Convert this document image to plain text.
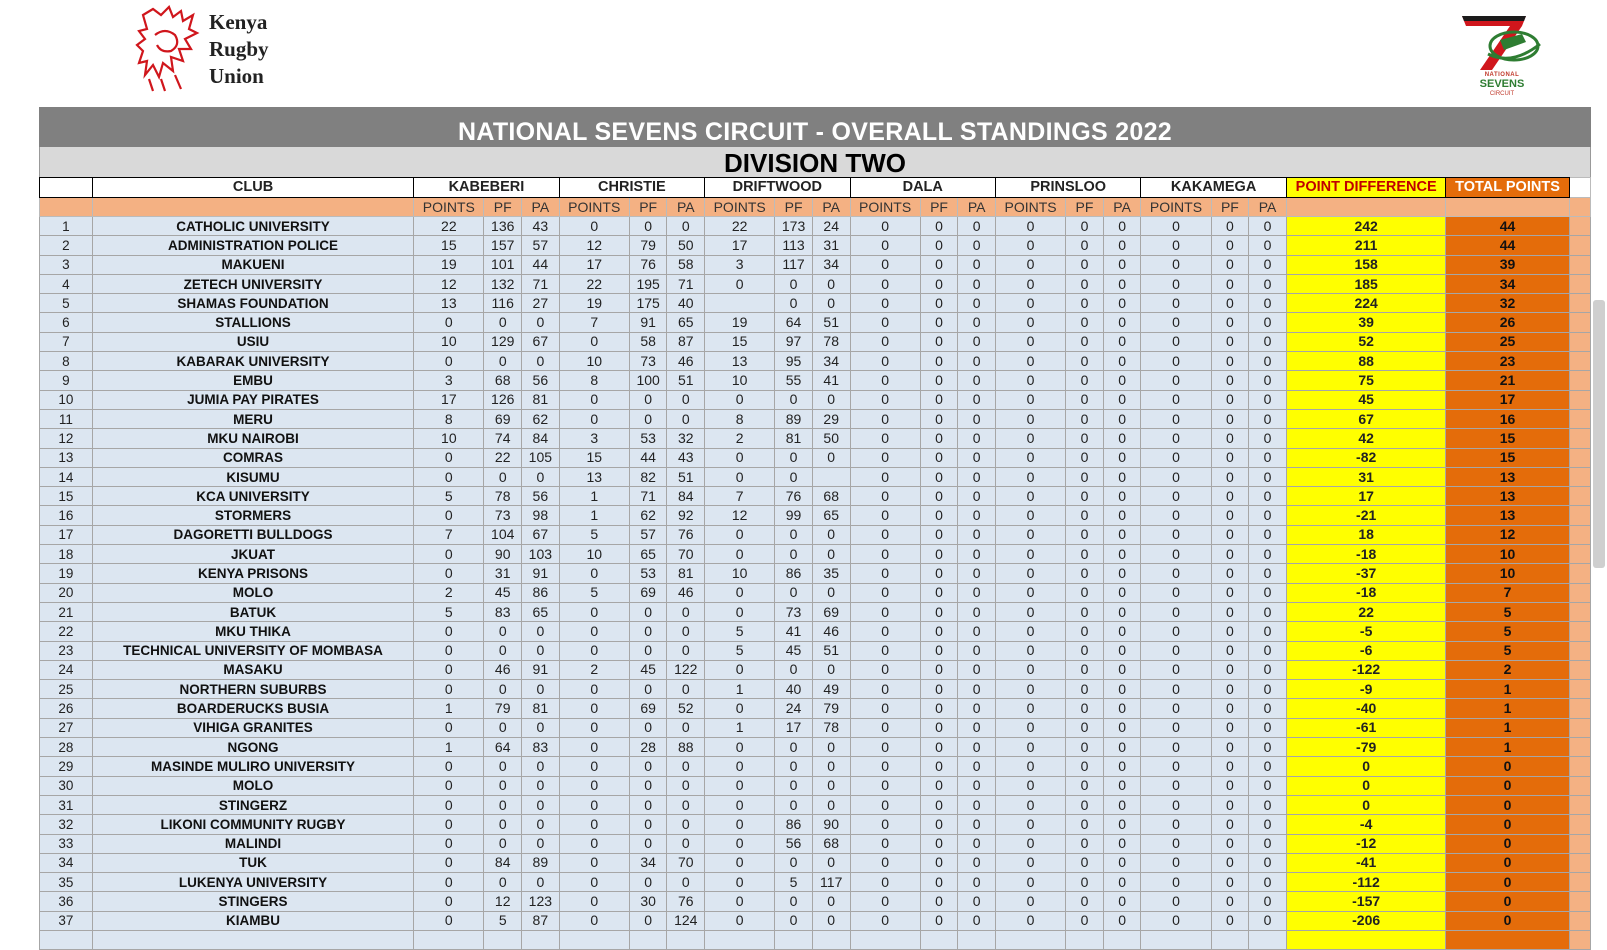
Kenya
Rugby
Union	NATIONAL
SEVENS
CIRCUIT
NATIONAL SEVENS CIRCUIT - OVERALL STANDINGS 2022
DIVISION TWO
	CLUB	KABEBERI			CHRISTIE			DRIFTWOOD			DALA			PRINSLOO			KAKAMEGA			POINT DIFFERENCE	TOTAL POINTS	
		POINTS	PF	PA	POINTS	PF	PA	POINTS	PF	PA	POINTS	PF	PA	POINTS	PF	PA	POINTS	PF	PA			
1	CATHOLIC UNIVERSITY	22	136	43	0	0	0	22	173	24	0	0	0	0	0	0	0	0	0	242	44	
2	ADMINISTRATION POLICE	15	157	57	12	79	50	17	113	31	0	0	0	0	0	0	0	0	0	211	44	
3	MAKUENI	19	101	44	17	76	58	3	117	34	0	0	0	0	0	0	0	0	0	158	39	
4	ZETECH UNIVERSITY	12	132	71	22	195	71	0	0	0	0	0	0	0	0	0	0	0	0	185	34	
5	SHAMAS FOUNDATION	13	116	27	19	175	40		0	0	0	0	0	0	0	0	0	0	0	224	32	
6	STALLIONS	0	0	0	7	91	65	19	64	51	0	0	0	0	0	0	0	0	0	39	26	
7	USIU	10	129	67	0	58	87	15	97	78	0	0	0	0	0	0	0	0	0	52	25	
8	KABARAK UNIVERSITY	0	0	0	10	73	46	13	95	34	0	0	0	0	0	0	0	0	0	88	23	
9	EMBU	3	68	56	8	100	51	10	55	41	0	0	0	0	0	0	0	0	0	75	21	
10	JUMIA PAY PIRATES	17	126	81	0	0	0	0	0	0	0	0	0	0	0	0	0	0	0	45	17	
11	MERU	8	69	62	0	0	0	8	89	29	0	0	0	0	0	0	0	0	0	67	16	
12	MKU NAIROBI	10	74	84	3	53	32	2	81	50	0	0	0	0	0	0	0	0	0	42	15	
13	COMRAS	0	22	105	15	44	43	0	0	0	0	0	0	0	0	0	0	0	0	-82	15	
14	KISUMU	0	0	0	13	82	51	0	0		0	0	0	0	0	0	0	0	0	31	13	
15	KCA UNIVERSITY	5	78	56	1	71	84	7	76	68	0	0	0	0	0	0	0	0	0	17	13	
16	STORMERS	0	73	98	1	62	92	12	99	65	0	0	0	0	0	0	0	0	0	-21	13	
17	DAGORETTI BULLDOGS	7	104	67	5	57	76	0	0	0	0	0	0	0	0	0	0	0	0	18	12	
18	JKUAT	0	90	103	10	65	70	0	0	0	0	0	0	0	0	0	0	0	0	-18	10	
19	KENYA PRISONS	0	31	91	0	53	81	10	86	35	0	0	0	0	0	0	0	0	0	-37	10	
20	MOLO	2	45	86	5	69	46	0	0	0	0	0	0	0	0	0	0	0	0	-18	7	
21	BATUK	5	83	65	0	0	0	0	73	69	0	0	0	0	0	0	0	0	0	22	5	
22	MKU THIKA	0	0	0	0	0	0	5	41	46	0	0	0	0	0	0	0	0	0	-5	5	
23	TECHNICAL UNIVERSITY OF MOMBASA	0	0	0	0	0	0	5	45	51	0	0	0	0	0	0	0	0	0	-6	5	
24	MASAKU	0	46	91	2	45	122	0	0	0	0	0	0	0	0	0	0	0	0	-122	2	
25	NORTHERN SUBURBS	0	0	0	0	0	0	1	40	49	0	0	0	0	0	0	0	0	0	-9	1	
26	BOARDERUCKS BUSIA	1	79	81	0	69	52	0	24	79	0	0	0	0	0	0	0	0	0	-40	1	
27	VIHIGA GRANITES	0	0	0	0	0	0	1	17	78	0	0	0	0	0	0	0	0	0	-61	1	
28	NGONG	1	64	83	0	28	88	0	0	0	0	0	0	0	0	0	0	0	0	-79	1	
29	MASINDE MULIRO UNIVERSITY	0	0	0	0	0	0	0	0	0	0	0	0	0	0	0	0	0	0	0	0	
30	MOLO	0	0	0	0	0	0	0	0	0	0	0	0	0	0	0	0	0	0	0	0	
31	STINGERZ	0	0	0	0	0	0	0	0	0	0	0	0	0	0	0	0	0	0	0	0	
32	LIKONI COMMUNITY RUGBY	0	0	0	0	0	0	0	86	90	0	0	0	0	0	0	0	0	0	-4	0	
33	MALINDI	0	0	0	0	0	0	0	56	68	0	0	0	0	0	0	0	0	0	-12	0	
34	TUK	0	84	89	0	34	70	0	0	0	0	0	0	0	0	0	0	0	0	-41	0	
35	LUKENYA UNIVERSITY	0	0	0	0	0	0	0	5	117	0	0	0	0	0	0	0	0	0	-112	0	
36	STINGERS	0	12	123	0	30	76	0	0	0	0	0	0	0	0	0	0	0	0	-157	0	
37	KIAMBU	0	5	87	0	0	124	0	0	0	0	0	0	0	0	0	0	0	0	-206	0	
